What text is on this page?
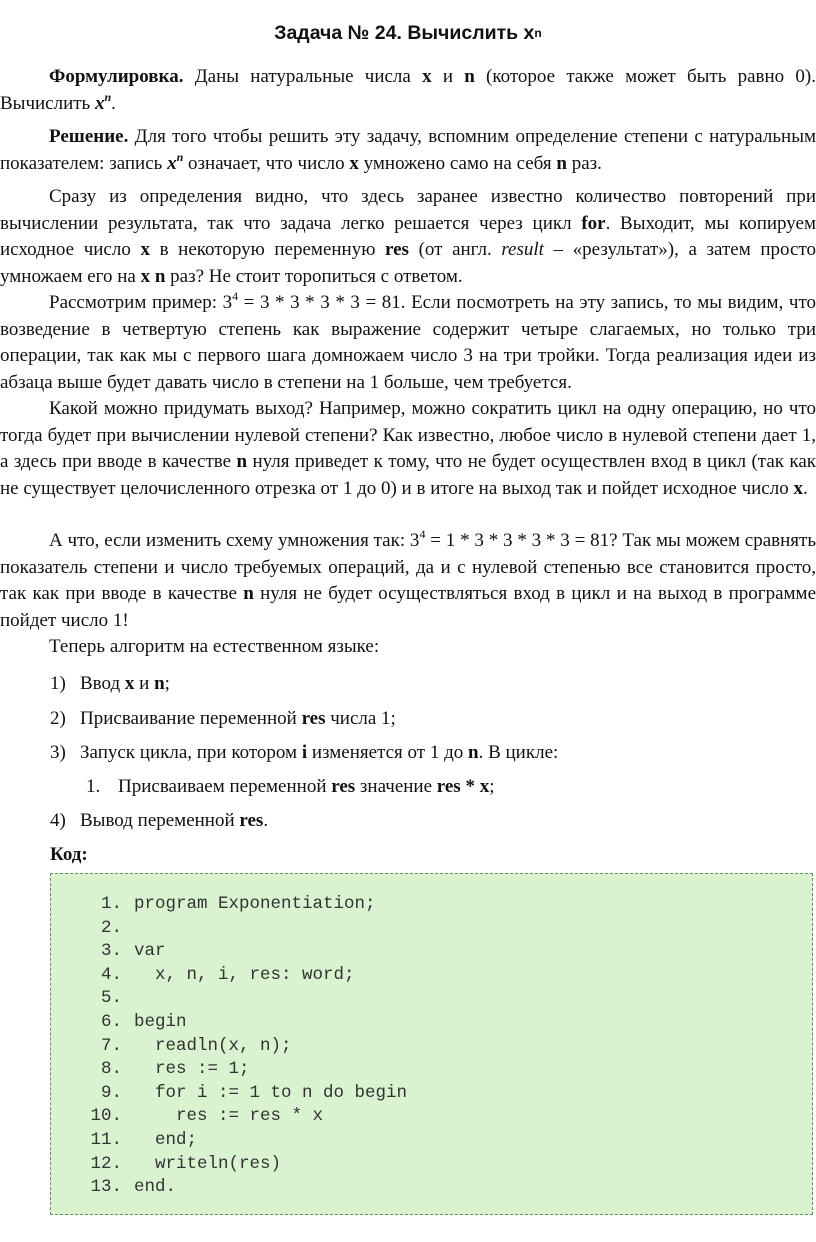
Задача № 24. Вычислить $x^n$
Формулировка. Даны натуральные числа x и n (которое также может быть равно 0). Вычислить $x^n$.
Решение. Для того чтобы решить эту задачу, вспомним определение степени с натуральным показателем: запись $x^n$ означает, что число x умножено само на себя n раз.
Сразу из определения видно, что здесь заранее известно количество повторений при вычислении результата, так что задача легко решается через цикл for. Выходит, мы копируем исходное число x в некоторую переменную res (от англ. result – «результат»), а затем просто умножаем его на x n раз? Не стоит торопиться с ответом.
Рассмотрим пример: $3^4 = 3 * 3 * 3 * 3 = 81$. Если посмотреть на эту запись, то мы видим, что возведение в четвертую степень как выражение содержит четыре слагаемых, но только три операции, так как мы с первого шага домножаем число 3 на три тройки. Тогда реализация идеи из абзаца выше будет давать число в степени на 1 больше, чем требуется.
Какой можно придумать выход? Например, можно сократить цикл на одну операцию, но что тогда будет при вычислении нулевой степени? Как известно, любое число в нулевой степени дает 1, а здесь при вводе в качестве n нуля приведет к тому, что не будет осуществлен вход в цикл (так как не существует целочисленного отрезка от 1 до 0) и в итоге на выход так и пойдет исходное число x.
А что, если изменить схему умножения так: $3^4 = 1 * 3 * 3 * 3 * 3 = 81$? Так мы можем сравнять показатель степени и число требуемых операций, да и с нулевой степенью все становится просто, так как при вводе в качестве n нуля не будет осуществляться вход в цикл и на выход в программе пойдет число 1!
Теперь алгоритм на естественном языке:
1) Ввод x и n;
2) Присваивание переменной res числа 1;
3) Запуск цикла, при котором i изменяется от 1 до n. В цикле:
1. Присваиваем переменной res значение res * x;
4) Вывод переменной res.
Код:
1. program Exponentiation;
2.
3. var
4.  x, n, i, res: word;
5.
6. begin
7.  readln(x, n);
8.  res := 1;
9.  for i := 1 to n do begin
10.    res := res * x
11.  end;
12.  writeln(res)
13. end.
